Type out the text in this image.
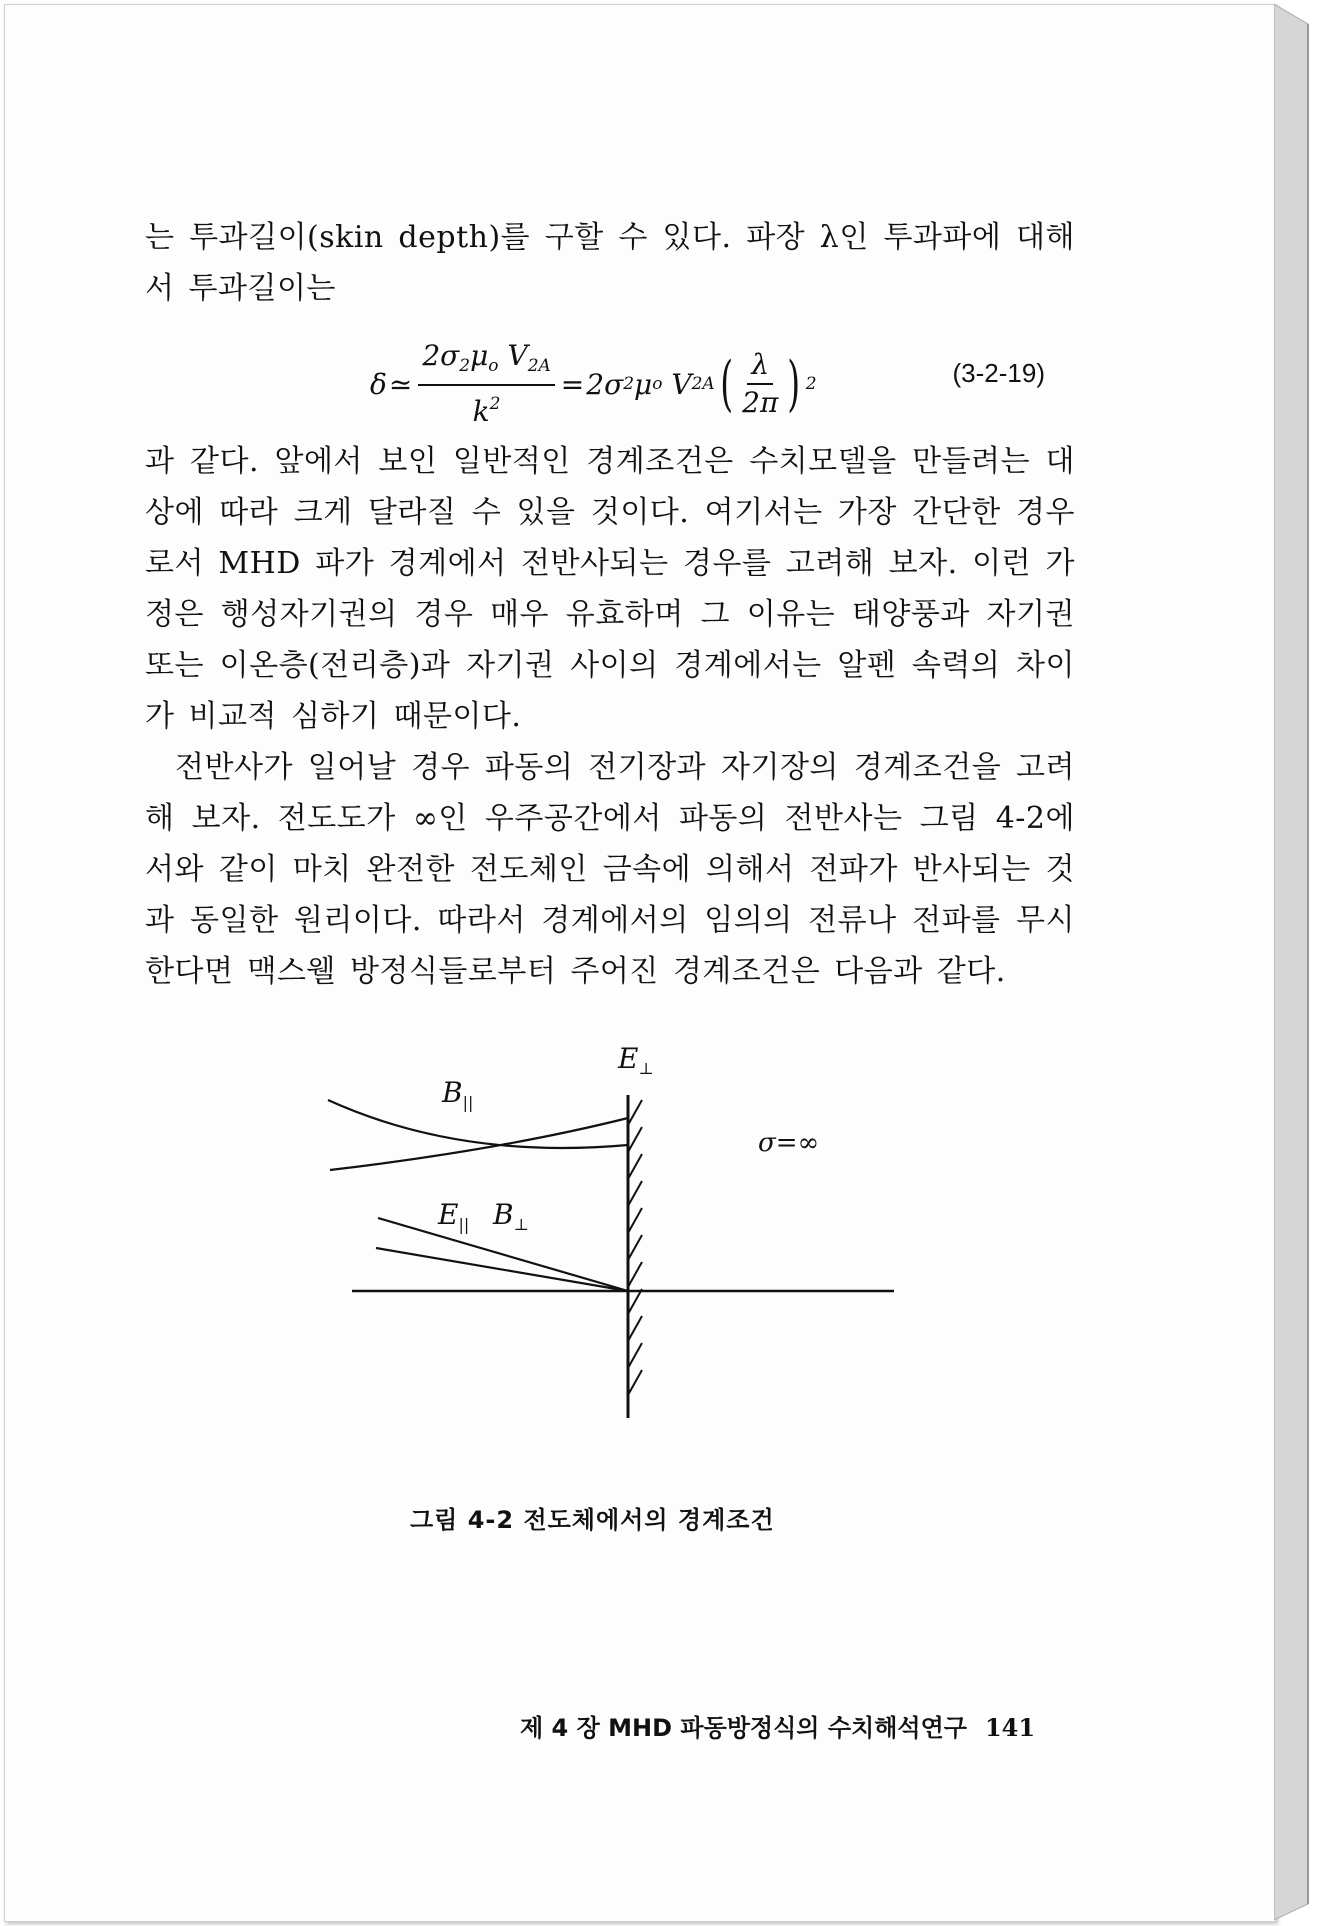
는 투과길이(skin depth)를 구할 수 있다. 파장 λ인 투과파에 대해서 투과길이는

δ ≃ $\frac{2\sigma_2\mu_o V_{2A}}{k^2} = 2\sigma$ 2 μ o
V 2A ( $\frac{\lambda}{2\pi}$ ) 2	(3-2-19)

과 같다. 앞에서 보인 일반적인 경계조건은 수치모델을 만들려는 대상에 따라 크게 달라질 수 있을 것이다. 여기서는 가장 간단한 경우로서 MHD 파가 경계에서 전반사되는 경우를 고려해 보자. 이런 가정은 행성자기권의 경우 매우 유효하며 그 이유는 태양풍과 자기권 또는 이온층(전리층)과 자기권 사이의 경계에서는 알펜 속력의 차이가 비교적 심하기 때문이다.

전반사가 일어날 경우 파동의 전기장과 자기장의 경계조건을 고려해 보자. 전도도가 ∞인 우주공간에서 파동의 전반사는 그림 4-2에서와 같이 마치 완전한 전도체인 금속에 의해서 전파가 반사되는 것과 동일한 원리이다. 따라서 경계에서의 임의의 전류나 전파를 무시한다면 맥스웰 방정식들로부터 주어진 경계조건은 다음과 같다.

$E_\perp$
$B_{||}$
σ=∞
$E_{||}$ $B_\perp$
그림 4-2 전도체에서의 경계조건
제 4 장 MHD 파동방정식의 수치해석연구 141
